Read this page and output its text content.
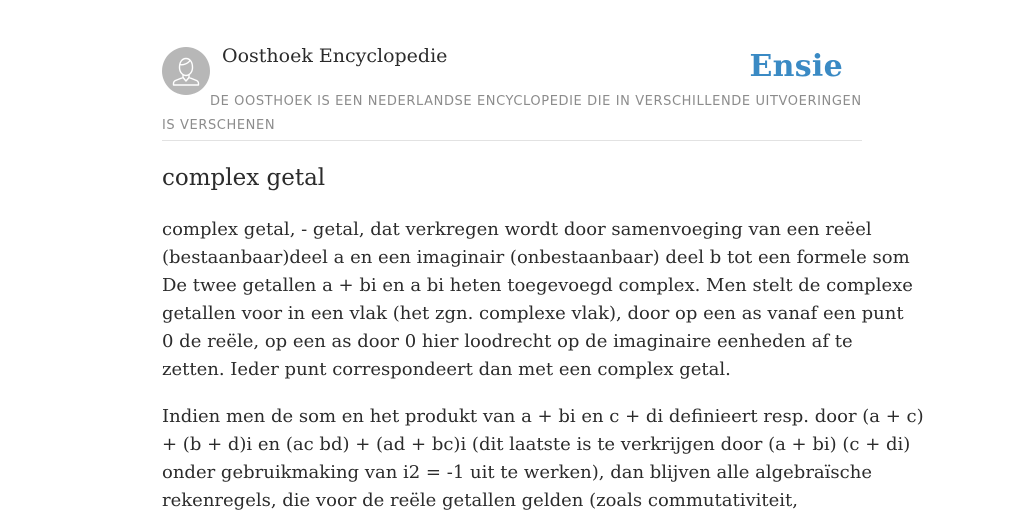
Oosthoek Encyclopedie	Ensie
DE OOSTHOEK IS EEN NEDERLANDSE ENCYCLOPEDIE DIE IN VERSCHILLENDE UITVOERINGEN IS VERSCHENEN
complex getal

complex getal, - getal, dat verkregen wordt door samenvoeging van een reëel
(bestaanbaar)deel a en een imaginair (onbestaanbaar) deel b tot een formele som
De twee getallen a + bi en a bi heten toegevoegd complex. Men stelt de complexe
getallen voor in een vlak (het zgn. complexe vlak), door op een as vanaf een punt
0 de reële, op een as door 0 hier loodrecht op de imaginaire eenheden af te
zetten. Ieder punt correspondeert dan met een complex getal.

Indien men de som en het produkt van a + bi en c + di definieert resp. door (a + c)
+ (b + d)i en (ac bd) + (ad + bc)i (dit laatste is te verkrijgen door (a + bi) (c + di)
onder gebruikmaking van i2 = -1 uit te werken), dan blijven alle algebraïsche
rekenregels, die voor de reële getallen gelden (zoals commutativiteit,
